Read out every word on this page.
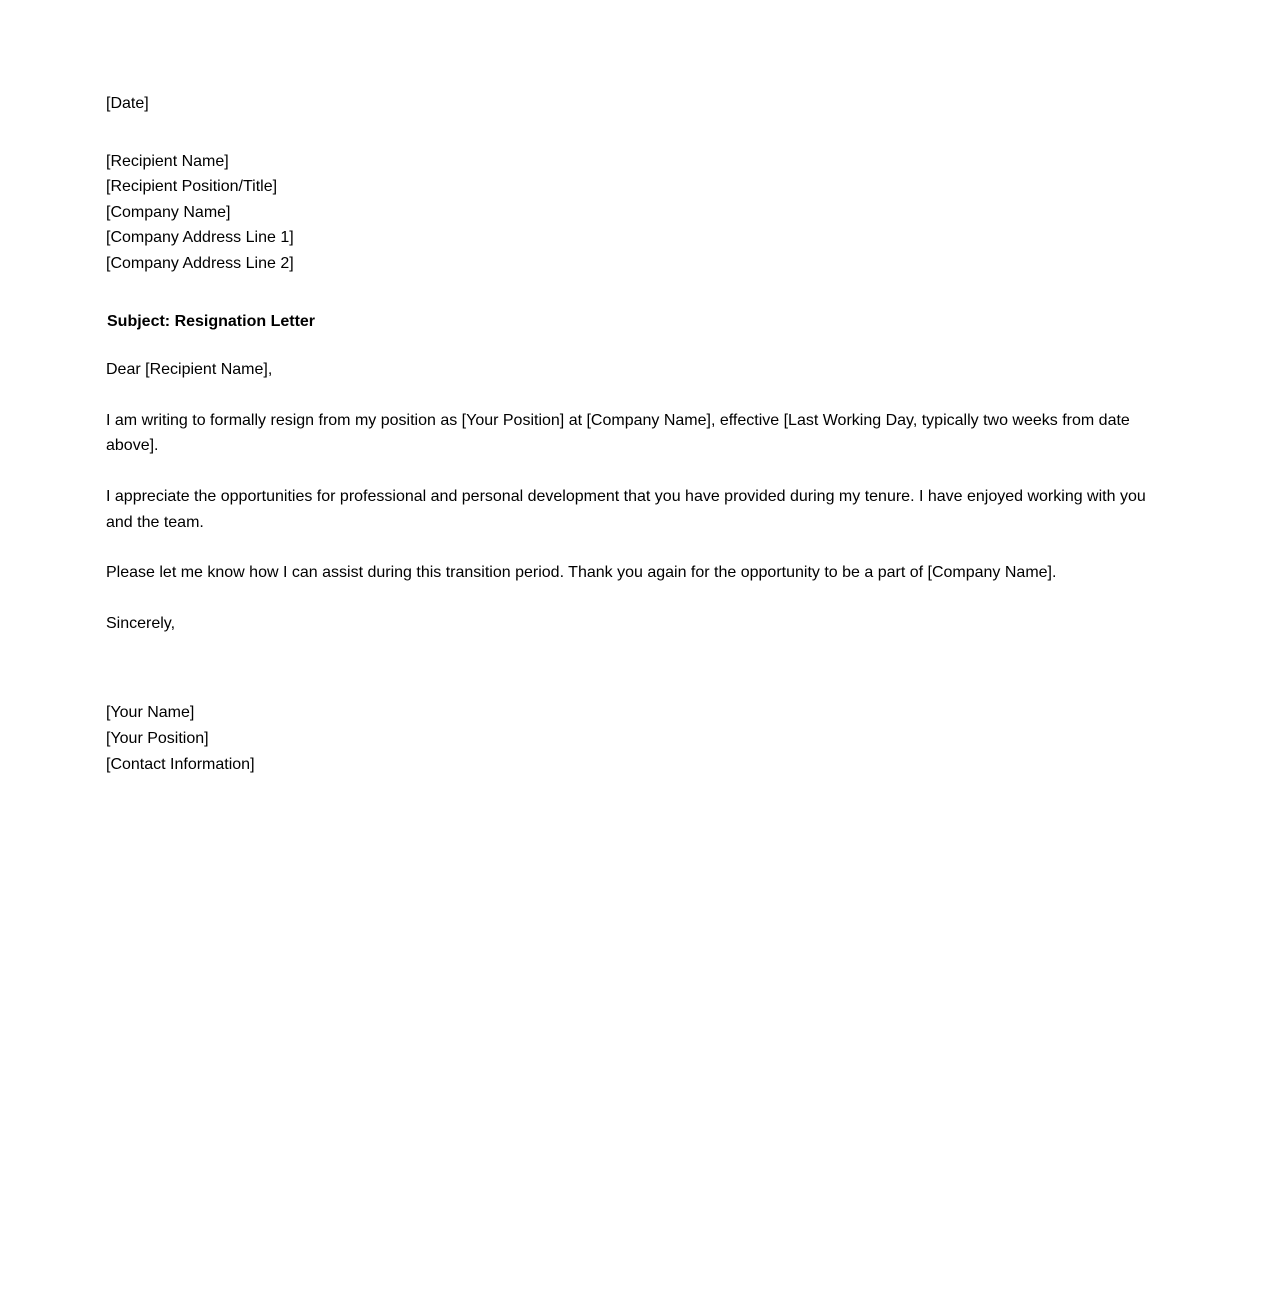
[Date]
[Recipient Name]
[Recipient Position/Title]
[Company Name]
[Company Address Line 1]
[Company Address Line 2]
Subject: Resignation Letter
Dear [Recipient Name],
I am writing to formally resign from my position as [Your Position] at [Company Name], effective [Last Working Day, typically two weeks from date above].
I appreciate the opportunities for professional and personal development that you have provided during my tenure. I have enjoyed working with you and the team.
Please let me know how I can assist during this transition period. Thank you again for the opportunity to be a part of [Company Name].
Sincerely,
[Your Name]
[Your Position]
[Contact Information]
